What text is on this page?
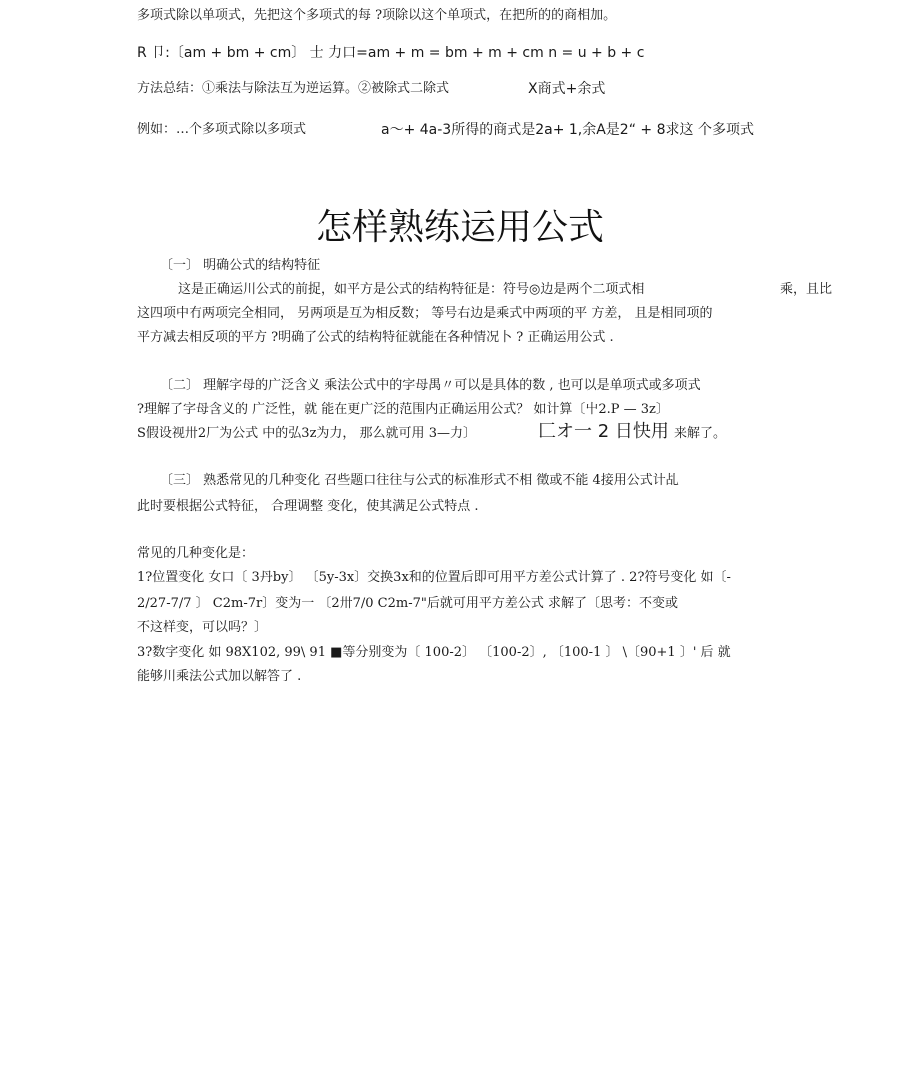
多项式除以单项式，先把这个多项式的每 ?项除以这个单项式，在把所的的商相加。
R 卩:〔am + bm + cm〕 士 力口=am + m = bm + m + cm n = u + b + c
方法总结：①乘法与除法互为逆运算。②被除式二除式	X商式+余式
例如：…个多项式除以多项式	a～+ 4a-3所得的商式是2a+ 1,余A是2“ + 8求这 个多项式
怎样熟练运用公式
〔一〕 明确公式的结构特征
这是正确运川公式的前捉，如平方是公式的结构特征是：符号◎边是两个二项式相	乘，且比
这四项中冇两项完全相同， 另两项是互为相反数； 等号右边是乘式中两项的平 方差， 且是相同项的
平方减去相反项的平方 ?明确了公式的结构特征就能在各种情况卜 ? 正确运用公式 .
〔二〕 理解字母的广泛含义 乘法公式中的字母禺〃可以是具体的数 , 也可以是单项式或多项式
?理解了字母含义的 广泛性，就 能在更广泛的范围内正确运用公式？ 如计算〔屮2.P — 3z〕
S假设视卅2厂为公式 中的弘3z为力， 那么就可用 3—力〕	匚オ一 2 日快用 来解了。
〔三〕 熟悉常见的几种变化 召些题口往往与公式的标准形式不相 徵或不能 4接用公式计乩
此时要根据公式特征， 合理调整 变化，使其满足公式特点 .
常见的几种变化是：
1?位置变化 女口〔 3丹by〕 〔5y-3x〕交换3x和的位置后即可用平方差公式计算了 . 2?符号变化 如〔-
2/27-7/7 〕 C2m-7r〕变为一 〔2卅7/0 C2m-7"后就可用平方差公式 求解了〔思考：不变或
不这样变，可以吗？〕
3?数字变化 如 98X102, 99\ 91 ■等分别变为〔 100-2〕 〔100-2〕, 〔100-1 〕 \〔90+1 〕' 后 就
能够川乘法公式加以解答了 .
